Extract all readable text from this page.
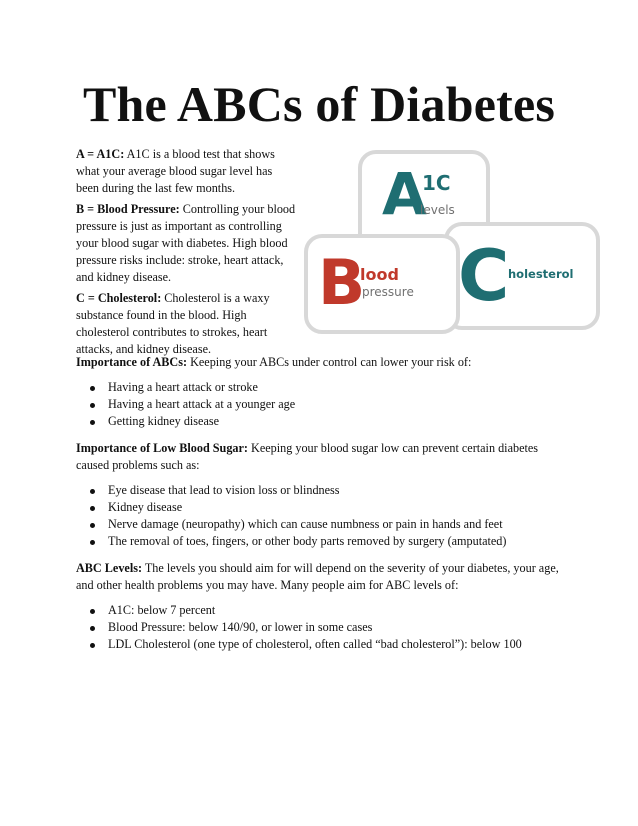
The ABCs of Diabetes

A = A1C: A1C is a blood test that shows what your average blood sugar level has been during the last few months.

B = Blood Pressure: Controlling your blood pressure is just as important as controlling your blood sugar with diabetes. High blood pressure risks include: stroke, heart attack, and kidney disease.

C = Cholesterol: Cholesterol is a waxy substance found in the blood. High cholesterol contributes to strokes, heart attacks, and kidney disease.

A
1C
levels
B
lood
pressure C
holesterol

Importance of ABCs: Keeping your ABCs under control can lower your risk of:

Having a heart attack or stroke
Having a heart attack at a younger age
Getting kidney disease

Importance of Low Blood Sugar: Keeping your blood sugar low can prevent certain diabetes caused problems such as:

Eye disease that lead to vision loss or blindness
Kidney disease
Nerve damage (neuropathy) which can cause numbness or pain in hands and feet
The removal of toes, fingers, or other body parts removed by surgery (amputated)

ABC Levels: The levels you should aim for will depend on the severity of your diabetes, your age, and other health problems you may have. Many people aim for ABC levels of:

A1C: below 7 percent
Blood Pressure: below 140/90, or lower in some cases
LDL Cholesterol (one type of cholesterol, often called “bad cholesterol”): below 100
